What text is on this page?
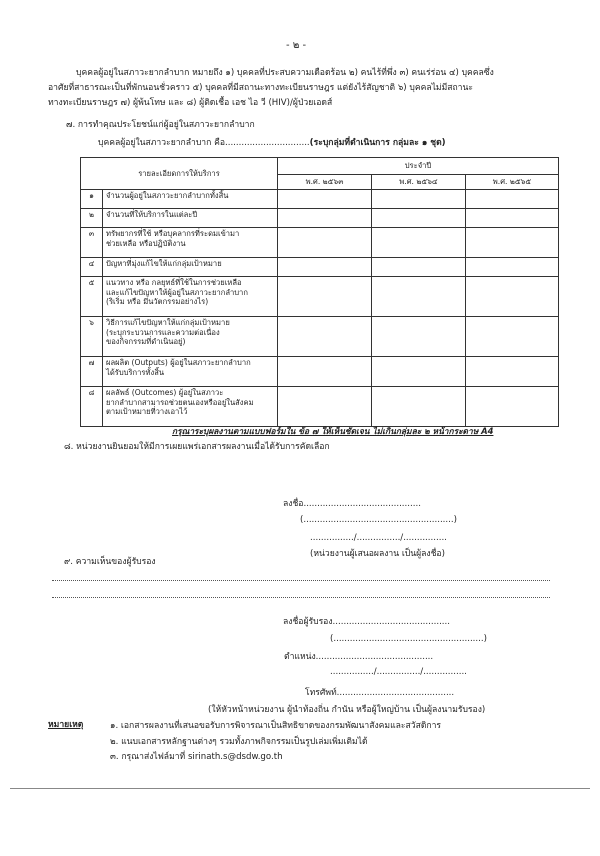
- ๒ -
บุคคลผู้อยู่ในสภาวะยากลำบาก หมายถึง ๑) บุคคลที่ประสบความเดือดร้อน ๒) คนไร้ที่พึ่ง ๓) คนเร่ร่อน ๔) บุคคลซึ่ง
อาศัยที่สาธารณะเป็นที่พักนอนชั่วคราว ๕) บุคคลที่มีสถานะทางทะเบียนราษฎร แต่ยังไร้สัญชาติ ๖) บุคคลไม่มีสถานะ
ทางทะเบียนราษฎร ๗) ผู้พ้นโทษ และ ๘) ผู้ติดเชื้อ เอช ไอ วี (HIV)/ผู้ป่วยเอดส์
๗. การทำคุณประโยชน์แก่ผู้อยู่ในสภาวะยากลำบาก
บุคคลผู้อยู่ในสภาวะยากลำบาก คือ...............................(ระบุกลุ่มที่ดำเนินการ กลุ่มละ ๑ ชุด)
รายละเอียดการให้บริการ		ประจำปี		
		พ.ศ. ๒๕๖๓	พ.ศ. ๒๕๖๔	พ.ศ. ๒๕๖๕
๑	จำนวนผู้อยู่ในสภาวะยากลำบากทั้งสิ้น			

๒	จำนวนที่ให้บริการในแต่ละปี			

๓	ทรัพยากรที่ใช้ หรือบุคลากรที่ระดมเข้ามา
ช่วยเหลือ หรือปฏิบัติงาน			

๔	ปัญหาที่มุ่งแก้ไขให้แก่กลุ่มเป้าหมาย			

๕	แนวทาง หรือ กลยุทธ์ที่ใช้ในการช่วยเหลือ
และแก้ไขปัญหาให้ผู้อยู่ในสภาวะยากลำบาก
(ริเริ่ม หรือ มีนวัตกรรมอย่างไร)			

๖	วิธีการแก้ไขปัญหาให้แก่กลุ่มเป้าหมาย
(ระบุกระบวนการและความต่อเนื่อง
ของกิจกรรมที่ดำเนินอยู่)			

๗	ผลผลิต (Outputs) ผู้อยู่ในสภาวะยากลำบาก
ได้รับบริการทั้งสิ้น			

๘	ผลลัพธ์ (Outcomes) ผู้อยู่ในสภาวะ
ยากลำบากสามารถช่วยตนเองหรืออยู่ในสังคม
ตามเป้าหมายที่วางเอาไว้			

กรุณาระบุผลงานตามแบบฟอร์มใน ข้อ ๗ ให้เห็นชัดเจน ไม่เกินกลุ่มละ ๒ หน้ากระดาษ A4
๘. หน่วยงานยินยอมให้มีการเผยแพร่เอกสารผลงานเมื่อได้รับการคัดเลือก
ลงชื่อ...........................................
(.......................................................)
................/................/................
(หน่วยงานผู้เสนอผลงาน เป็นผู้ลงชื่อ)
๙. ความเห็นของผู้รับรอง
ลงชื่อผู้รับรอง...........................................
(.......................................................)
ตำแหน่ง...........................................
................/................/................
โทรศัพท์...........................................
(ให้หัวหน้าหน่วยงาน ผู้นำท้องถิ่น กำนัน หรือผู้ใหญ่บ้าน เป็นผู้ลงนามรับรอง)
หมายเหตุ	๑. เอกสารผลงานที่เสนอขอรับการพิจารณาเป็นสิทธิขาดของกรมพัฒนาสังคมและสวัสดิการ
๒. แนบเอกสารหลักฐานต่างๆ รวมทั้งภาพกิจกรรมเป็นรูปเล่มเพิ่มเติมได้
๓. กรุณาส่งไฟล์มาที่ sirinath.s@dsdw.go.th
